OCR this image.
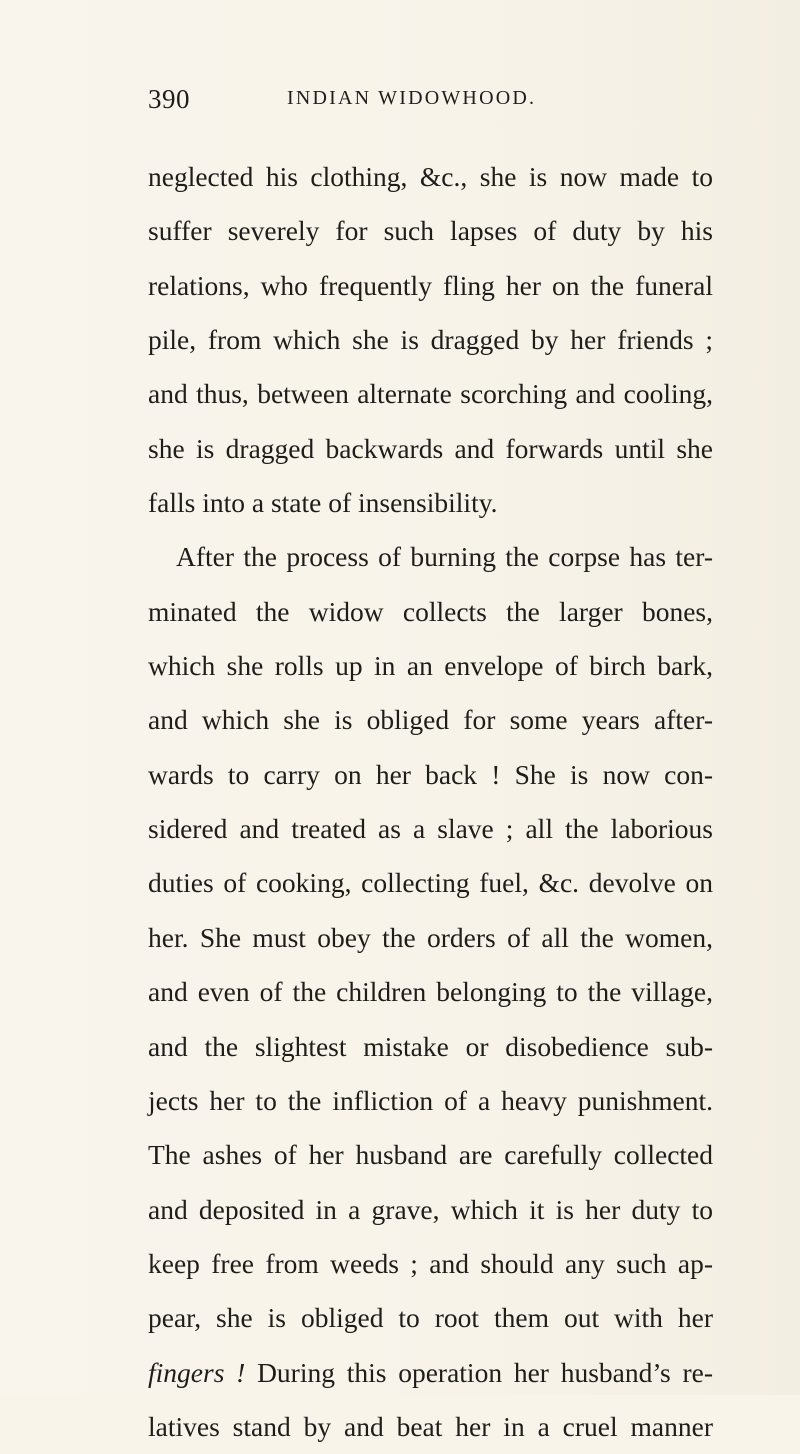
390	INDIAN WIDOWHOOD.
neglected his clothing, &c., she is now made to
suffer severely for such lapses of duty by his
relations, who frequently fling her on the funeral
pile, from which she is dragged by her friends ;
and thus, between alternate scorching and cooling,
she is dragged backwards and forwards until she
falls into a state of insensibility.
After the process of burning the corpse has ter-
minated the widow collects the larger bones,
which she rolls up in an envelope of birch bark,
and which she is obliged for some years after-
wards to carry on her back ! She is now con-
sidered and treated as a slave ; all the laborious
duties of cooking, collecting fuel, &c. devolve on
her. She must obey the orders of all the women,
and even of the children belonging to the village,
and the slightest mistake or disobedience sub-
jects her to the infliction of a heavy punishment.
The ashes of her husband are carefully collected
and deposited in a grave, which it is her duty to
keep free from weeds ; and should any such ap-
pear, she is obliged to root them out with her
fingers ! During this operation her husband’s re-
latives stand by and beat her in a cruel manner
